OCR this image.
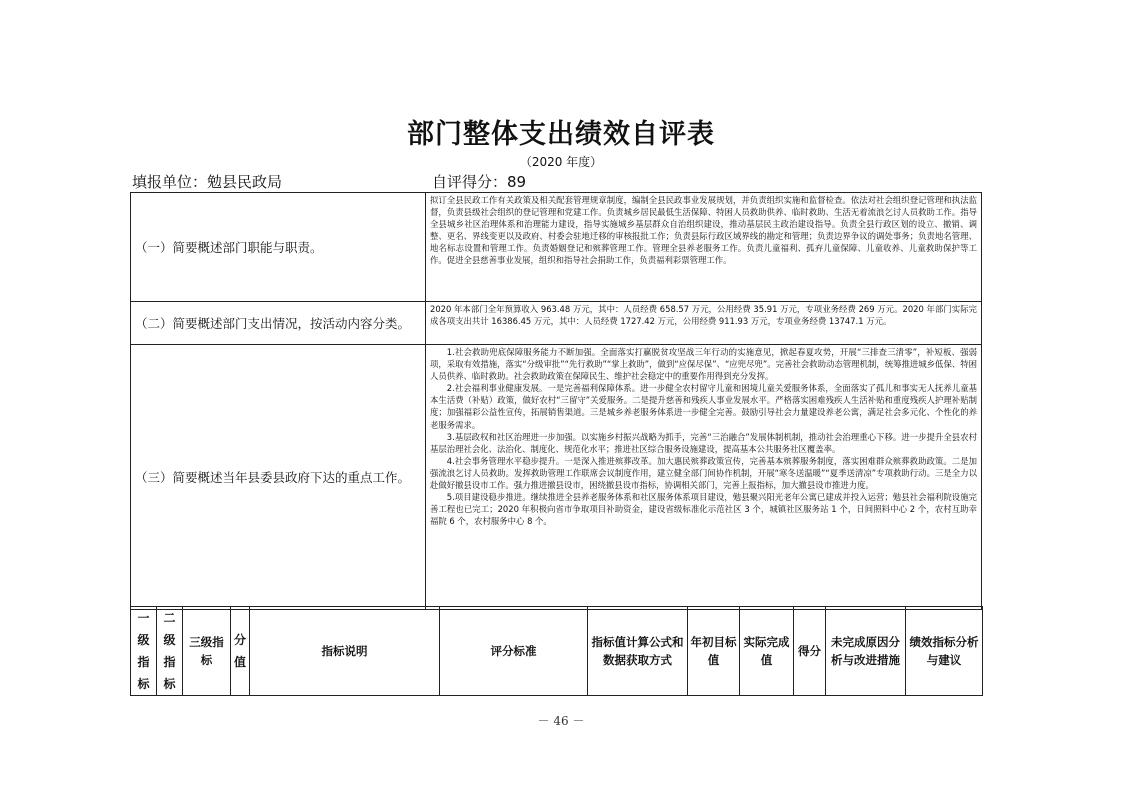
部门整体支出绩效自评表
（2020 年度）
填报单位：勉县民政局	自评得分：89
（一）简要概述部门职能与职责。	拟订全县民政工作有关政策及相关配套管理规章制度，编制全县民政事业发展规划，并负责组织实施和监督检查。依法对社会组织登记管理和执法监督，负责县级社会组织的登记管理和党建工作。负责城乡居民最低生活保障、特困人员救助供养、临时救助、生活无着流浪乞讨人员救助工作。指导全县城乡社区治理体系和治理能力建设，指导实施城乡基层群众自治组织建设，推动基层民主政治建设指导。负责全县行政区划的设立、撤销、调整、更名、界线变更以及政府、村委会驻地迁移的审核报批工作；负责县际行政区域界线的勘定和管理；负责边界争议的调处事务；负责地名管理、地名标志设置和管理工作。负责婚姻登记和殡葬管理工作。管理全县养老服务工作。负责儿童福利、孤弃儿童保障、儿童收养、儿童救助保护等工作。促进全县慈善事业发展，组织和指导社会捐助工作，负责福利彩票管理工作。

（二）简要概述部门支出情况，按活动内容分类。	2020 年本部门全年预算收入 963.48 万元，其中：人员经费 658.57 万元，公用经费 35.91 万元，专项业务经费 269 万元。2020 年部门实际完成各项支出共计 16386.45 万元，其中：人员经费 1727.42 万元，公用经费 911.93 万元，专项业务经费 13747.1 万元。

（三）简要概述当年县委县政府下达的重点工作。	1.社会救助兜底保障服务能力不断加强。全面落实打赢脱贫攻坚战三年行动的实施意见，掀起春夏攻势，开展“三排查三清零”，补短板、强弱项，采取有效措施，落实“分级审批”“先行救助”“掌上救助”，做到“应保尽保”、“应兜尽兜”。完善社会救助动态管理机制，统筹推进城乡低保、特困人员供养、临时救助。社会救助政策在保障民生、维护社会稳定中的重要作用得到充分发挥。

2.社会福利事业健康发展。一是完善福利保障体系。进一步健全农村留守儿童和困境儿童关爱服务体系，全面落实了孤儿和事实无人抚养儿童基本生活费（补贴）政策，做好农村“三留守”关爱服务。二是提升慈善和残疾人事业发展水平。严格落实困难残疾人生活补贴和重度残疾人护理补贴制度；加强福彩公益性宣传，拓展销售渠道。三是城乡养老服务体系进一步健全完善。鼓励引导社会力量建设养老公寓，满足社会多元化、个性化的养老服务需求。

3.基层政权和社区治理进一步加强。以实施乡村振兴战略为抓手，完善“三治融合”发展体制机制，推动社会治理重心下移。进一步提升全县农村基层治理社会化、法治化、制度化、规范化水平；推进社区综合服务设施建设，提高基本公共服务社区覆盖率。

4.社会事务管理水平稳步提升。一是深入推进殡葬改革。加大惠民殡葬政策宣传，完善基本殡葬服务制度，落实困难群众殡葬救助政策。二是加强流浪乞讨人员救助。发挥救助管理工作联席会议制度作用，建立健全部门间协作机制，开展“寒冬送温暖”“夏季送清凉”专项救助行动。三是全力以赴做好撤县设市工作。强力推进撤县设市，困绕撤县设市指标，协调相关部门，完善上报指标，加大撤县设市推进力度。

5.项目建设稳步推进。继续推进全县养老服务体系和社区服务体系项目建设，勉县聚兴阳光老年公寓已建成并投入运营；勉县社会福利院设施完善工程也已完工；2020 年积极向省市争取项目补助资金，建设省级标准化示范社区 3 个，城镇社区服务站 1 个，日间照料中心 2 个，农村互助幸福院 6 个，农村服务中心 8 个。

一级指标	二级指标	三级指标	分值	指标说明	评分标准	指标值计算公式和数据获取方式	年初目标值	实际完成值	得分	未完成原因分析与改进措施	绩效指标分析与建议
－ 46 －
